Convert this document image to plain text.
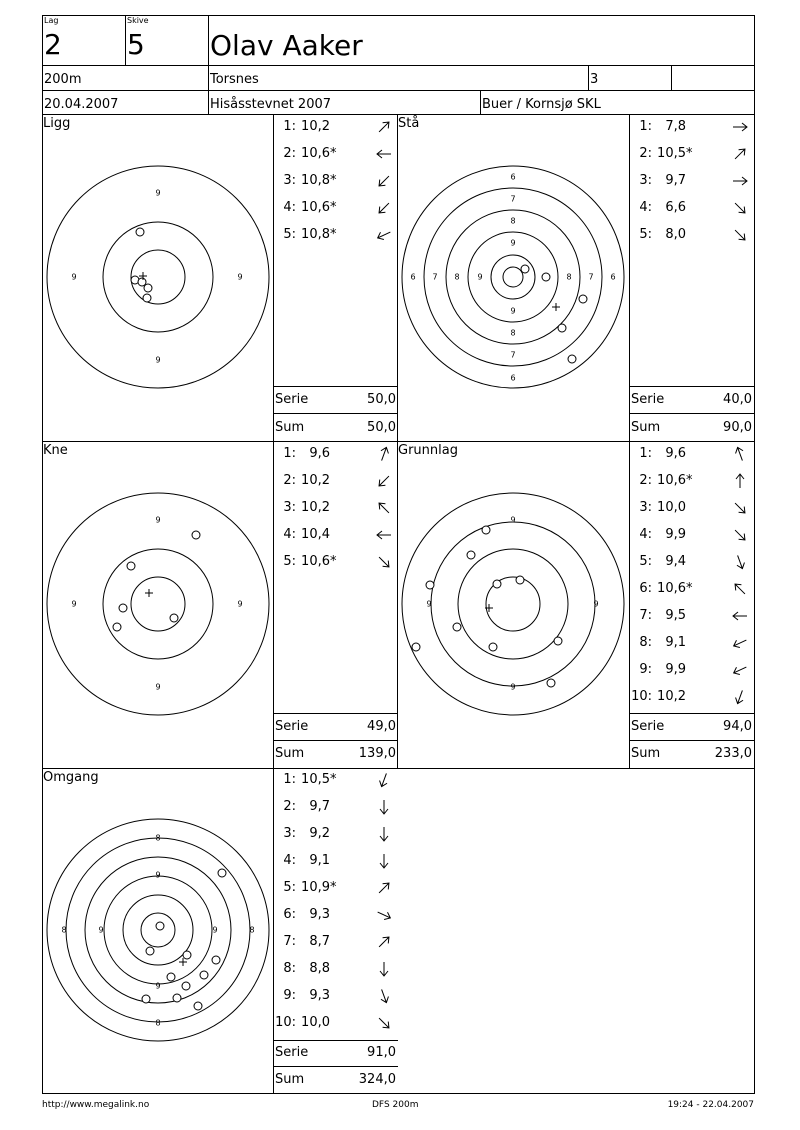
Lag
2
Skive
5 Olav Aaker
200m	Torsnes	3
20.04.2007	Hisåsstevnet 2007	Buer / Kornsjø SKL
Ligg	Stå
Kne	Grunnlag
Omgang
1: 10,2
2: 10,6*
3: 10,8*
4: 10,6*
5: 10,8*
1: 7,8
2: 10,5*
3: 9,7
4: 6,6
5: 8,0
1: 9,6
2: 10,2
3: 10,2
4: 10,4
5: 10,6*
1: 9,6
2: 10,6*
3: 10,0
4: 9,9
5: 9,4
6: 10,6*
7: 9,5
8: 9,1
9: 9,9
10: 10,2
1: 10,5*
2: 9,7
3: 9,2
4: 9,1
5: 10,9*
6: 9,3
7: 8,7
8: 8,8
9: 9,3
10: 10,0
Serie	50,0
Sum	50,0
Serie	40,0
Sum	90,0
Serie	49,0
Sum	139,0
Serie	94,0
Sum	233,0
Serie	91,0
Sum	324,0
9
9
9	9
6
7
8
9
6
7
8
9
6 7 8 9	6
7
8
9
9
9	9
9
9
9	9
8
9
8
9
8	9	8
9
http://www.megalink.no	DFS 200m	19:24 - 22.04.2007
